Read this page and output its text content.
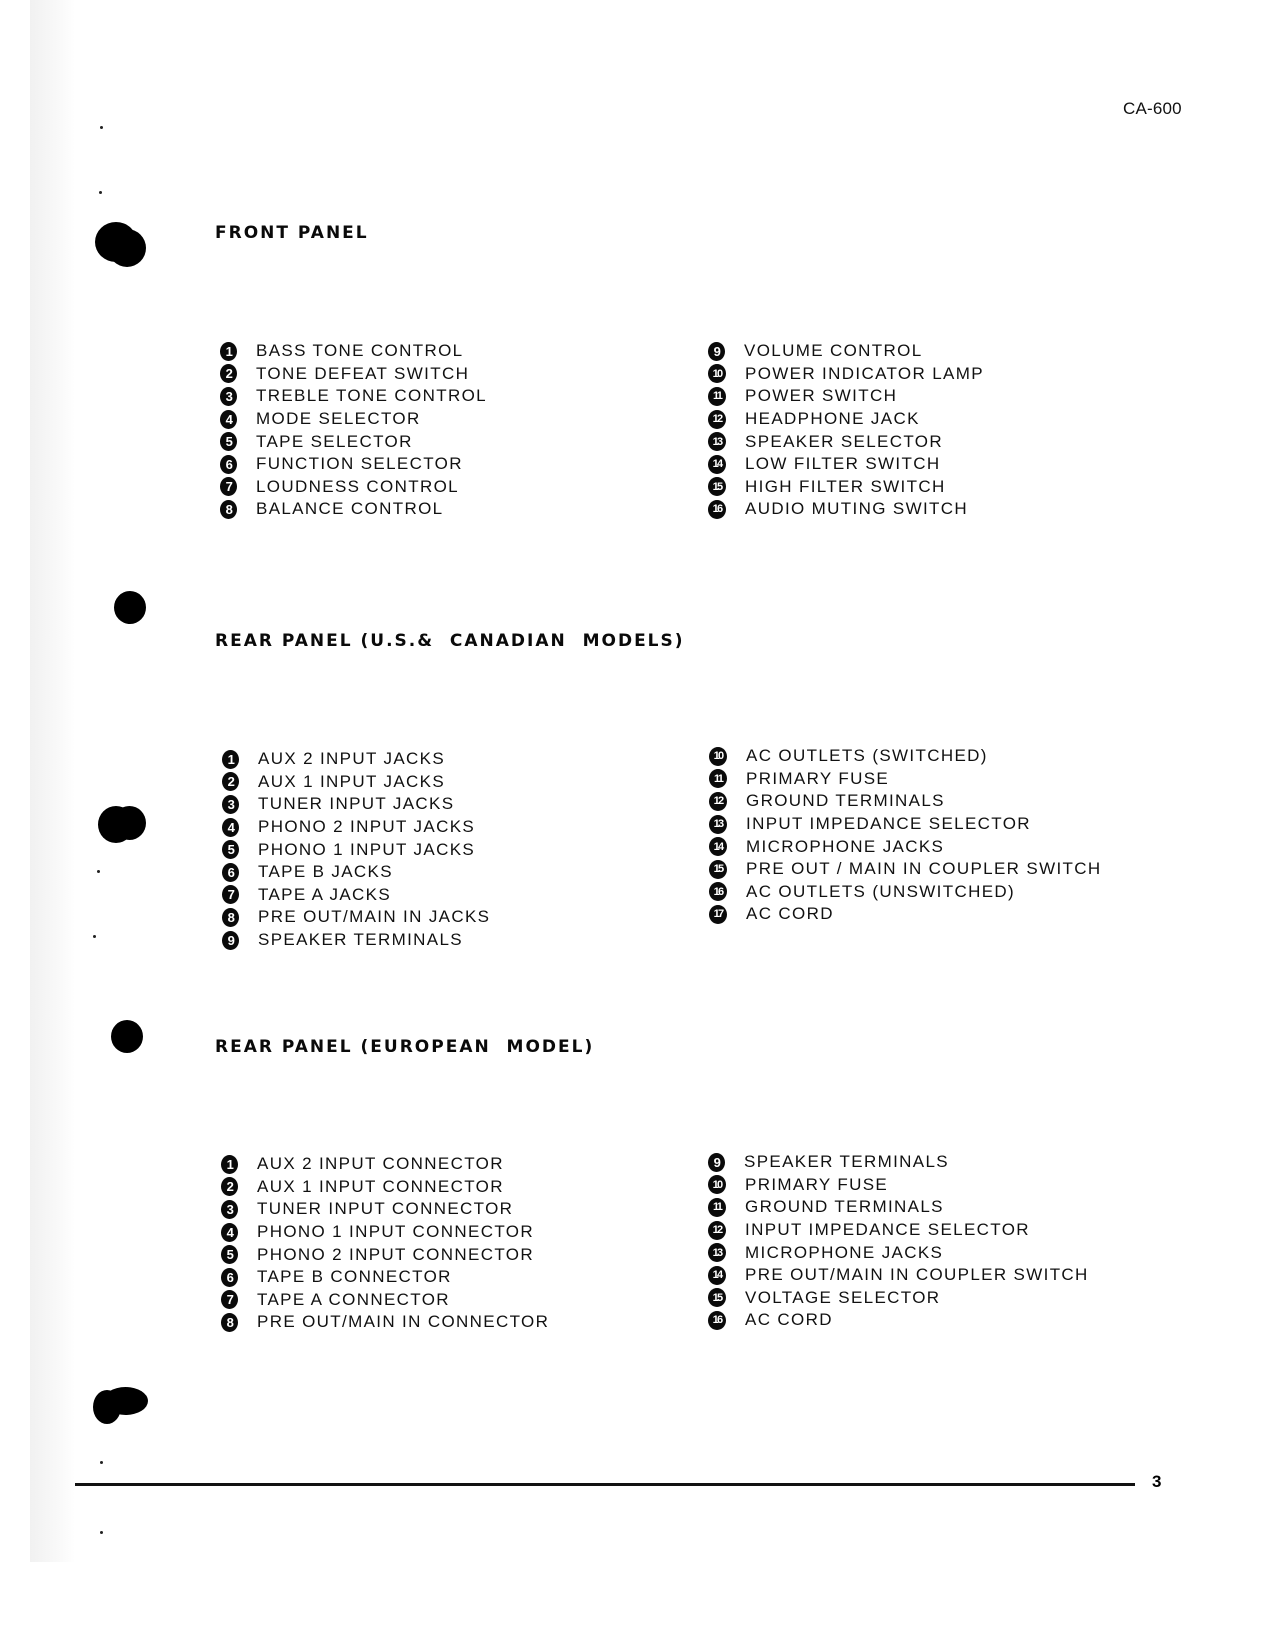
CA-600
FRONT PANEL
1	BASS TONE CONTROL
2	TONE DEFEAT SWITCH
3	TREBLE TONE CONTROL
4	MODE SELECTOR
5	TAPE SELECTOR
6	FUNCTION SELECTOR
7	LOUDNESS CONTROL
8	BALANCE CONTROL
9	VOLUME CONTROL
10 POWER INDICATOR LAMP
11 POWER SWITCH
12 HEADPHONE JACK
13 SPEAKER SELECTOR
14 LOW FILTER SWITCH
15 HIGH FILTER SWITCH
16 AUDIO MUTING SWITCH
REAR PANEL (U.S.&  CANADIAN  MODELS)
1	AUX 2 INPUT JACKS
2	AUX 1 INPUT JACKS
3	TUNER INPUT JACKS
4	PHONO 2 INPUT JACKS
5	PHONO 1 INPUT JACKS
6	TAPE B JACKS
7	TAPE A JACKS
8	PRE OUT/MAIN IN JACKS
9	SPEAKER TERMINALS
10 AC OUTLETS (SWITCHED)
11 PRIMARY FUSE
12 GROUND TERMINALS
13 INPUT IMPEDANCE SELECTOR
14 MICROPHONE JACKS
15 PRE OUT / MAIN IN COUPLER SWITCH
16 AC OUTLETS (UNSWITCHED)
17 AC CORD
REAR PANEL (EUROPEAN  MODEL)
1	AUX 2 INPUT CONNECTOR
2	AUX 1 INPUT CONNECTOR
3	TUNER INPUT CONNECTOR
4	PHONO 1 INPUT CONNECTOR
5	PHONO 2 INPUT CONNECTOR
6	TAPE B CONNECTOR
7	TAPE A CONNECTOR
8	PRE OUT/MAIN IN CONNECTOR
9	SPEAKER TERMINALS
10 PRIMARY FUSE
11 GROUND TERMINALS
12 INPUT IMPEDANCE SELECTOR
13 MICROPHONE JACKS
14 PRE OUT/MAIN IN COUPLER SWITCH
15 VOLTAGE SELECTOR
16 AC CORD
3
